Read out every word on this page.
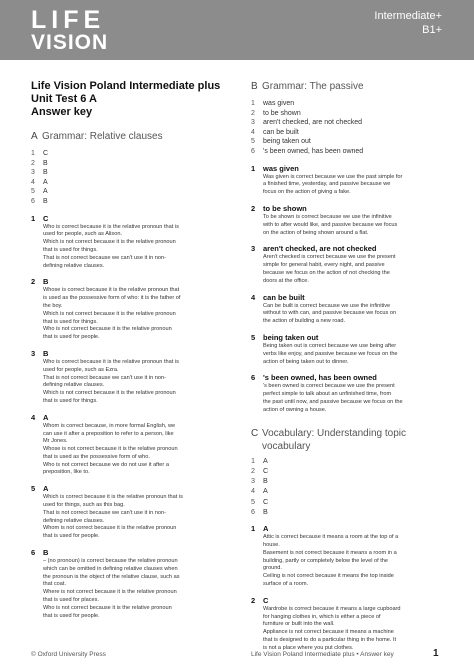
LIFE
VISION
Intermediate+
B1+
Life Vision Poland Intermediate plus
Unit Test 6 A
Answer key
A Grammar: Relative clauses
1 C
2 B
3 B
4 A
5 A
6 B
1 C
Who is correct because it is the relative pronoun that is
used for people, such as Alison.
Which is not correct because it is the relative pronoun
that is used for things.
That is not correct because we can't use it in non-
defining relative clauses.
2 B
Whose is correct because it is the relative pronoun that
is used as the possessive form of who: it is the father of
the boy.
Which is not correct because it is the relative pronoun
that is used for things.
Who is not correct because it is the relative pronoun
that is used for people.
3 B
Who is correct because it is the relative pronoun that is
used for people, such as Ezra.
That is not correct because we can't use it in non-
defining relative clauses.
Which is not correct because it is the relative pronoun
that is used for things.
4 A
Whom is correct because, in more formal English, we
can use it after a preposition to refer to a person, like
Mr Jones.
Whose is not correct because it is the relative pronoun
that is used as the possessive form of who.
Who is not correct because we do not use it after a
preposition, like to.
5 A
Which is correct because it is the relative pronoun that is
used for things, such as this bag.
That is not correct because we can't use it in non-
defining relative clauses.
Whom is not correct because it is the relative pronoun
that is used for people.
6 B
– (no pronoun) is correct because the relative pronoun
which can be omitted in defining relative clauses when
the pronoun is the object of the relative clause, such as
that coat.
Where is not correct because it is the relative pronoun
that is used for places.
Who is not correct because it is the relative pronoun
that is used for people.
B Grammar: The passive
1 was given
2 to be shown
3 aren't checked, are not checked
4 can be built
5 being taken out
6 's been owned, has been owned
1 was given
Was given is correct because we use the past simple for
a finished time, yesterday, and passive because we
focus on the action of giving a fake.
2 to be shown
To be shown is correct because we use the infinitive
with to after would like, and passive because we focus
on the action of being shown around a flat.
3 aren't checked, are not checked
Aren't checked is correct because we use the present
simple for general habit, every night, and passive
because we focus on the action of not checking the
doors at the office.
4 can be built
Can be built is correct because we use the infinitive
without to with can, and passive because we focus on
the action of building a new road.
5 being taken out
Being taken out is correct because we use being after
verbs like enjoy, and passive because we focus on the
action of being taken out to dinner.
6 's been owned, has been owned
's been owned is correct because we use the present
perfect simple to talk about an unfinished time, from
the past until now, and passive because we focus on the
action of owning a house.
C Vocabulary: Understanding topic
vocabulary
1 A
2 C
3 B
4 A
5 C
6 B
1 A
Attic is correct because it means a room at the top of a
house.
Basement is not correct because it means a room in a
building, partly or completely below the level of the
ground.
Ceiling is not correct because it means the top inside
surface of a room.
2 C
Wardrobe is correct because it means a large cupboard
for hanging clothes in, which is either a piece of
furniture or built into the wall.
Appliance is not correct because it means a machine
that is designed to do a particular thing in the home. It
is not a place where you put clothes.
© Oxford University Press	Life Vision Poland Intermediate plus • Answer key	1
